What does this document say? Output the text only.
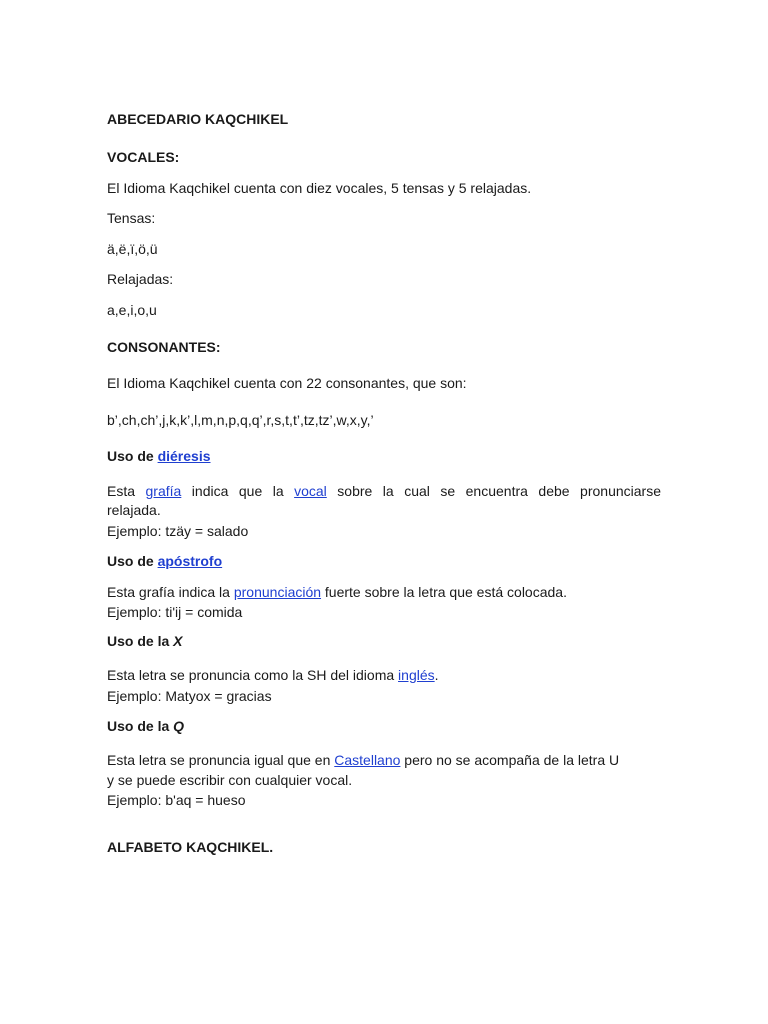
ABECEDARIO KAQCHIKEL
VOCALES:
El Idioma Kaqchikel cuenta con diez vocales, 5 tensas y 5 relajadas.
Tensas:
ä,ë,ï,ö,ü
Relajadas:
a,e,i,o,u
CONSONANTES:
El Idioma Kaqchikel cuenta con 22 consonantes, que son:
b’,ch,ch’,j,k,k’,l,m,n,p,q,q’,r,s,t,t’,tz,tz’,w,x,y,’
Uso de diéresis
Esta grafía indica que la vocal sobre la cual se encuentra debe pronunciarse
relajada.
Ejemplo: tzäy = salado
Uso de apóstrofo
Esta grafía indica la pronunciación fuerte sobre la letra que está colocada.
Ejemplo: ti'ij = comida
Uso de la X
Esta letra se pronuncia como la SH del idioma inglés.
Ejemplo: Matyox = gracias
Uso de la Q
Esta letra se pronuncia igual que en Castellano pero no se acompaña de la letra U
y se puede escribir con cualquier vocal.
Ejemplo: b'aq = hueso
ALFABETO KAQCHIKEL.
